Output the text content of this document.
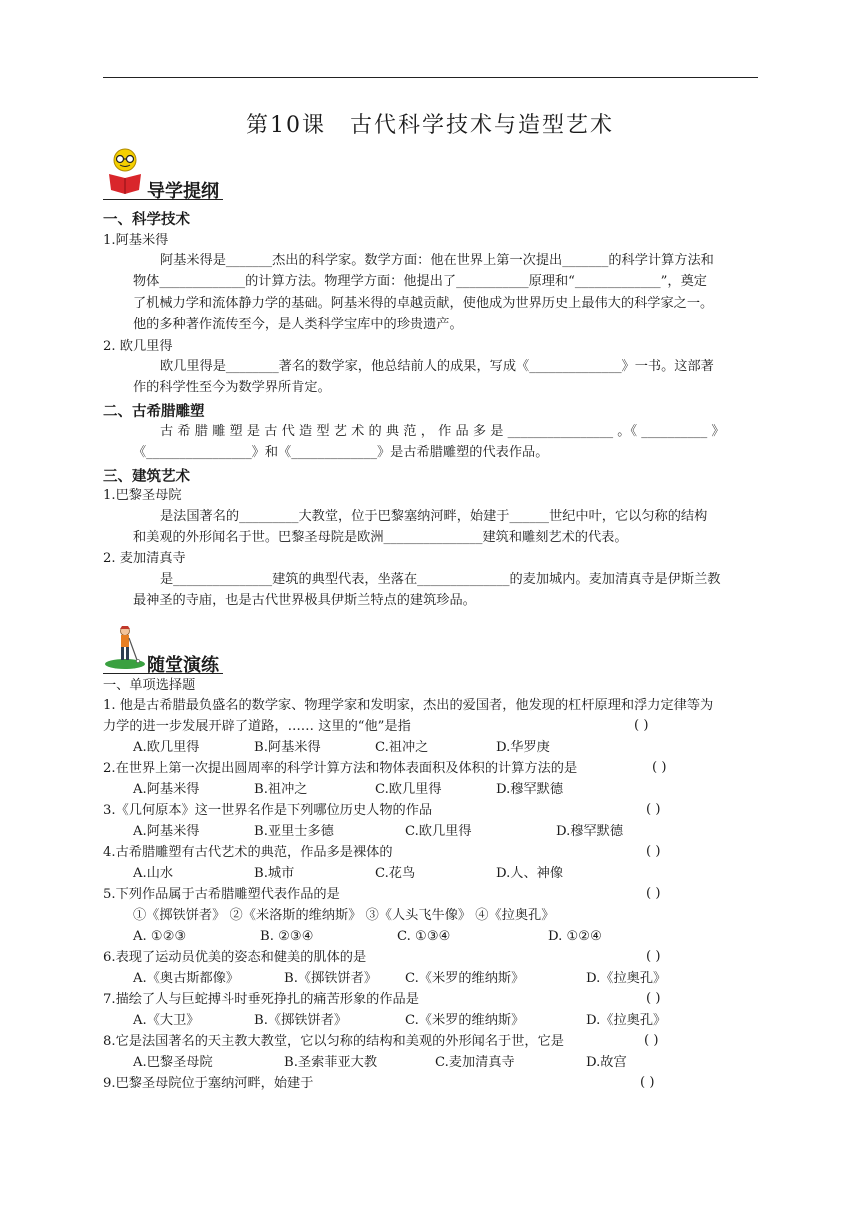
第10课　古代科学技术与造型艺术
导学提纲
一、科学技术
1.阿基米得
阿基米得是_______杰出的科学家。数学方面：他在世界上第一次提出_______的科学计算方法和
物体_____________的计算方法。物理学方面：他提出了___________原理和“_____________”，奠定
了机械力学和流体静力学的基础。阿基米得的卓越贡献，使他成为世界历史上最伟大的科学家之一。
他的多种著作流传至今，是人类科学宝库中的珍贵遗产。
2. 欧几里得
欧几里得是________著名的数学家，他总结前人的成果，写成《______________》一书。这部著
作的科学性至今为数学界所肯定。
二、古希腊雕塑
古 希 腊 雕 塑 是 古 代 造 型 艺 术 的 典 范 ， 作 品 多 是 ________________ 。《 __________ 》
《________________》和《_____________》是古希腊雕塑的代表作品。
三、建筑艺术
1.巴黎圣母院
是法国著名的_________大教堂，位于巴黎塞纳河畔，始建于______世纪中叶，它以匀称的结构
和美观的外形闻名于世。巴黎圣母院是欧洲_______________建筑和雕刻艺术的代表。
2. 麦加清真寺
是_______________建筑的典型代表，坐落在______________的麦加城内。麦加清真寺是伊斯兰教
最神圣的寺庙，也是古代世界极具伊斯兰特点的建筑珍品。
随堂演练
一、单项选择题
1. 他是古希腊最负盛名的数学家、物理学家和发明家，杰出的爱国者，他发现的杠杆原理和浮力定律等为
力学的进一步发展开辟了道路，…… 这里的“他”是指	( )
A.欧几里得	B.阿基米得	C.祖冲之	D.华罗庚
2.在世界上第一次提出圆周率的科学计算方法和物体表面积及体积的计算方法的是	( )
A.阿基米得	B.祖冲之	C.欧几里得	D.穆罕默德
3.《几何原本》这一世界名作是下列哪位历史人物的作品	( )
A.阿基米得	B.亚里士多德	C.欧几里得	D.穆罕默德
4.古希腊雕塑有古代艺术的典范，作品多是裸体的	( )
A.山水	B.城市	C.花鸟	D.人、神像
5.下列作品属于古希腊雕塑代表作品的是	( )
①《掷铁饼者》 ②《米洛斯的维纳斯》 ③《人头飞牛像》 ④《拉奥孔》
A. ①②③	B. ②③④	C. ①③④	D. ①②④
6.表现了运动员优美的姿态和健美的肌体的是	( )
A.《奥古斯都像》	B.《掷铁饼者》 C.《米罗的维纳斯》	D.《拉奥孔》
7.描绘了人与巨蛇搏斗时垂死挣扎的痛苦形象的作品是	( )
A.《大卫》	B.《掷铁饼者》	C.《米罗的维纳斯》	D.《拉奥孔》
8.它是法国著名的天主教大教堂，它以匀称的结构和美观的外形闻名于世，它是	( )
A.巴黎圣母院	B.圣索菲亚大教	C.麦加清真寺	D.故宫
9.巴黎圣母院位于塞纳河畔，始建于	( )
